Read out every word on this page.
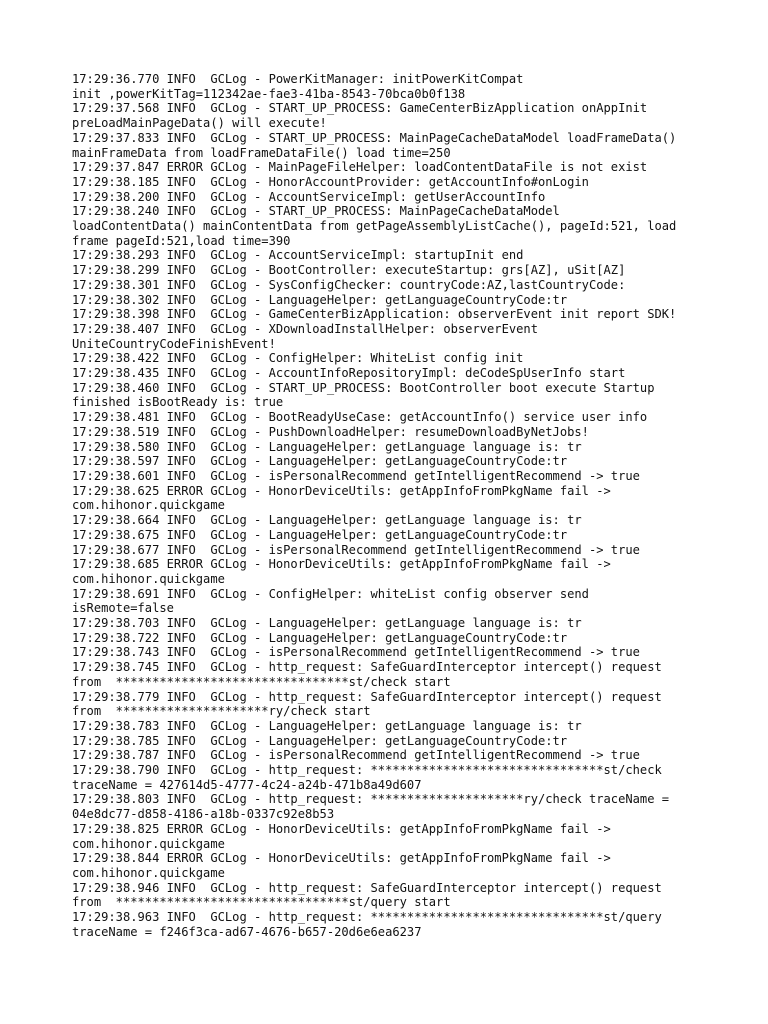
17:29:36.770 INFO  GCLog - PowerKitManager: initPowerKitCompat
init ,powerKitTag=112342ae-fae3-41ba-8543-70bca0b0f138
17:29:37.568 INFO  GCLog - START_UP_PROCESS: GameCenterBizApplication onAppInit
preLoadMainPageData() will execute!
17:29:37.833 INFO  GCLog - START_UP_PROCESS: MainPageCacheDataModel loadFrameData()
mainFrameData from loadFrameDataFile() load time=250
17:29:37.847 ERROR GCLog - MainPageFileHelper: loadContentDataFile is not exist
17:29:38.185 INFO  GCLog - HonorAccountProvider: getAccountInfo#onLogin
17:29:38.200 INFO  GCLog - AccountServiceImpl: getUserAccountInfo
17:29:38.240 INFO  GCLog - START_UP_PROCESS: MainPageCacheDataModel
loadContentData() mainContentData from getPageAssemblyListCache(), pageId:521, load
frame pageId:521,load time=390
17:29:38.293 INFO  GCLog - AccountServiceImpl: startupInit end
17:29:38.299 INFO  GCLog - BootController: executeStartup: grs[AZ], uSit[AZ]
17:29:38.301 INFO  GCLog - SysConfigChecker: countryCode:AZ,lastCountryCode:
17:29:38.302 INFO  GCLog - LanguageHelper: getLanguageCountryCode:tr
17:29:38.398 INFO  GCLog - GameCenterBizApplication: observerEvent init report SDK!
17:29:38.407 INFO  GCLog - XDownloadInstallHelper: observerEvent
UniteCountryCodeFinishEvent!
17:29:38.422 INFO  GCLog - ConfigHelper: WhiteList config init
17:29:38.435 INFO  GCLog - AccountInfoRepositoryImpl: deCodeSpUserInfo start
17:29:38.460 INFO  GCLog - START_UP_PROCESS: BootController boot execute Startup
finished isBootReady is: true
17:29:38.481 INFO  GCLog - BootReadyUseCase: getAccountInfo() service user info
17:29:38.519 INFO  GCLog - PushDownloadHelper: resumeDownloadByNetJobs!
17:29:38.580 INFO  GCLog - LanguageHelper: getLanguage language is: tr
17:29:38.597 INFO  GCLog - LanguageHelper: getLanguageCountryCode:tr
17:29:38.601 INFO  GCLog - isPersonalRecommend getIntelligentRecommend -> true
17:29:38.625 ERROR GCLog - HonorDeviceUtils: getAppInfoFromPkgName fail ->
com.hihonor.quickgame
17:29:38.664 INFO  GCLog - LanguageHelper: getLanguage language is: tr
17:29:38.675 INFO  GCLog - LanguageHelper: getLanguageCountryCode:tr
17:29:38.677 INFO  GCLog - isPersonalRecommend getIntelligentRecommend -> true
17:29:38.685 ERROR GCLog - HonorDeviceUtils: getAppInfoFromPkgName fail ->
com.hihonor.quickgame
17:29:38.691 INFO  GCLog - ConfigHelper: whiteList config observer send
isRemote=false
17:29:38.703 INFO  GCLog - LanguageHelper: getLanguage language is: tr
17:29:38.722 INFO  GCLog - LanguageHelper: getLanguageCountryCode:tr
17:29:38.743 INFO  GCLog - isPersonalRecommend getIntelligentRecommend -> true
17:29:38.745 INFO  GCLog - http_request: SafeGuardInterceptor intercept() request
from  ********************************st/check start
17:29:38.779 INFO  GCLog - http_request: SafeGuardInterceptor intercept() request
from  *********************ry/check start
17:29:38.783 INFO  GCLog - LanguageHelper: getLanguage language is: tr
17:29:38.785 INFO  GCLog - LanguageHelper: getLanguageCountryCode:tr
17:29:38.787 INFO  GCLog - isPersonalRecommend getIntelligentRecommend -> true
17:29:38.790 INFO  GCLog - http_request: ********************************st/check
traceName = 427614d5-4777-4c24-a24b-471b8a49d607
17:29:38.803 INFO  GCLog - http_request: *********************ry/check traceName =
04e8dc77-d858-4186-a18b-0337c92e8b53
17:29:38.825 ERROR GCLog - HonorDeviceUtils: getAppInfoFromPkgName fail ->
com.hihonor.quickgame
17:29:38.844 ERROR GCLog - HonorDeviceUtils: getAppInfoFromPkgName fail ->
com.hihonor.quickgame
17:29:38.946 INFO  GCLog - http_request: SafeGuardInterceptor intercept() request
from  ********************************st/query start
17:29:38.963 INFO  GCLog - http_request: ********************************st/query
traceName = f246f3ca-ad67-4676-b657-20d6e6ea6237
